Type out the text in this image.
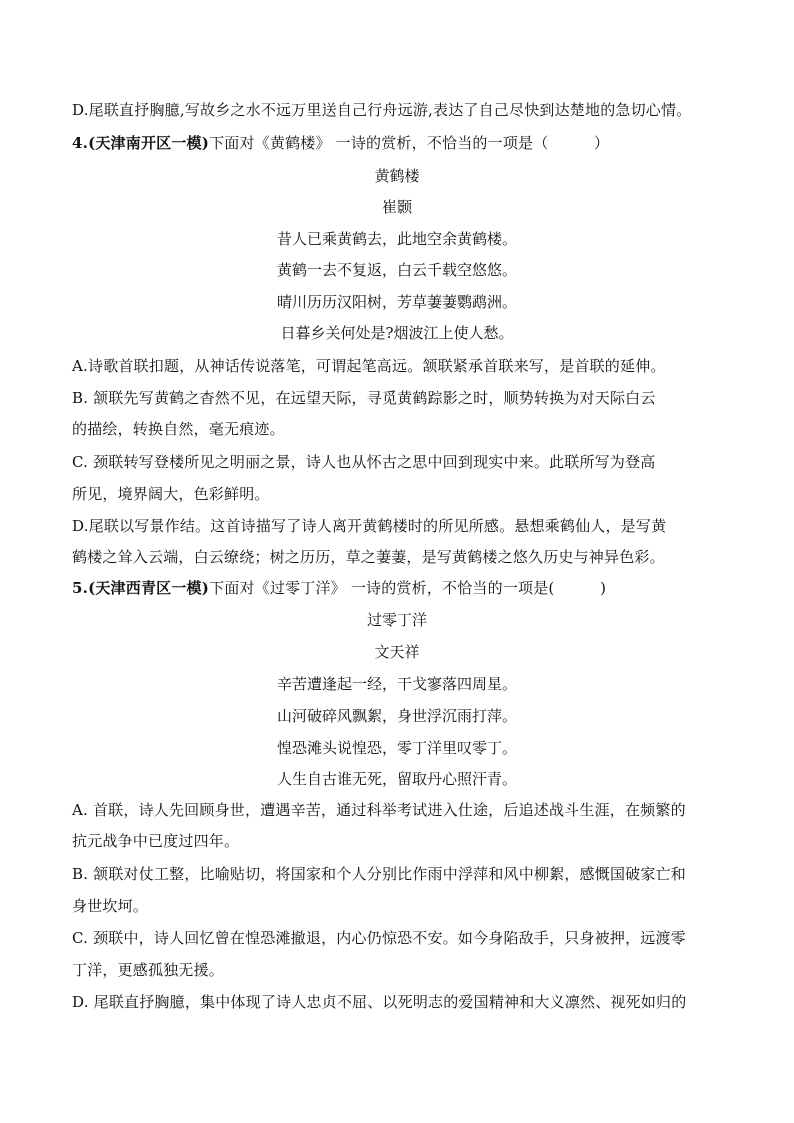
D.尾联直抒胸臆,写故乡之水不远万里送自己行舟远游,表达了自己尽快到达楚地的急切心情。
4.(天津南开区一模)下面对《黄鹤楼》 一诗的赏析，不恰当的一项是（　　　）
黄鹤楼
崔颢
昔人已乘黄鹤去，此地空余黄鹤楼。
黄鹤一去不复返，白云千载空悠悠。
晴川历历汉阳树，芳草萋萋鹦鹉洲。
日暮乡关何处是?烟波江上使人愁。
A.诗歌首联扣题，从神话传说落笔，可谓起笔高远。颔联紧承首联来写，是首联的延伸。
B. 颔联先写黄鹤之杳然不见，在远望天际，寻觅黄鹤踪影之时，顺势转换为对天际白云
的描绘，转换自然，毫无痕迹。
C. 颈联转写登楼所见之明丽之景，诗人也从怀古之思中回到现实中来。此联所写为登高
所见，境界阔大，色彩鲜明。
D.尾联以写景作结。这首诗描写了诗人离开黄鹤楼时的所见所感。悬想乘鹤仙人，是写黄
鹤楼之耸入云端，白云缭绕；树之历历，草之萋萋，是写黄鹤楼之悠久历史与神异色彩。
5.(天津西青区一模)下面对《过零丁洋》 一诗的赏析，不恰当的一项是(　　　)
过零丁洋
文天祥
辛苦遭逢起一经，干戈寥落四周星。
山河破碎风飘絮，身世浮沉雨打萍。
惶恐滩头说惶恐，零丁洋里叹零丁。
人生自古谁无死，留取丹心照汗青。
A. 首联，诗人先回顾身世，遭遇辛苦，通过科举考试进入仕途，后追述战斗生涯，在频繁的
抗元战争中已度过四年。
B. 颔联对仗工整，比喻贴切，将国家和个人分别比作雨中浮萍和风中柳絮，感慨国破家亡和
身世坎坷。
C. 颈联中，诗人回忆曾在惶恐滩撤退，内心仍惊恐不安。如今身陷敌手，只身被押，远渡零
丁洋，更感孤独无援。
D. 尾联直抒胸臆，集中体现了诗人忠贞不屈、以死明志的爱国精神和大义凛然、视死如归的
